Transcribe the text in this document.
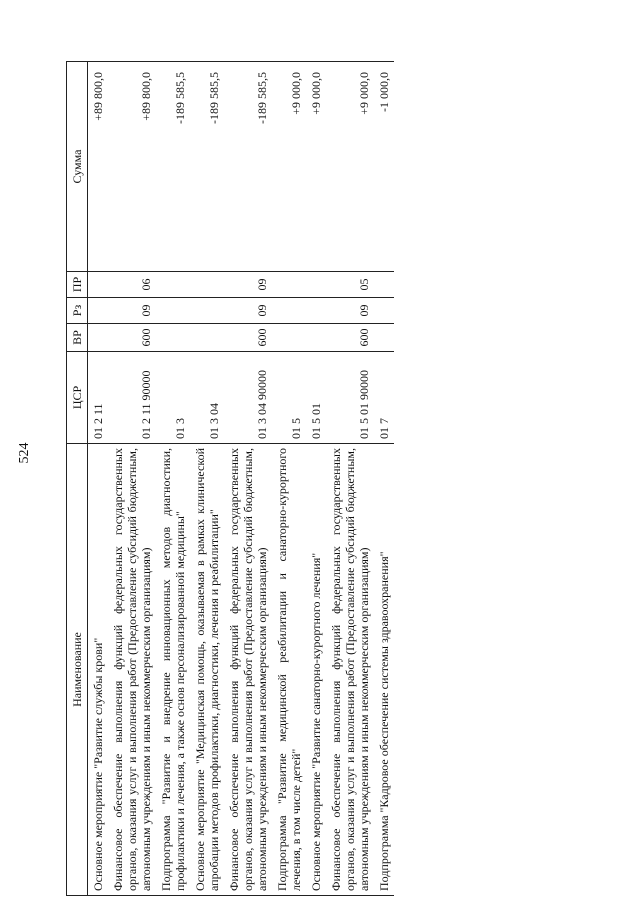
524
Наименование	ЦСР	ВР	Рз	ПР	Сумма
Основное мероприятие "Развитие службы крови"	01 2 11				+89 800,0
Финансовое обеспечение выполнения функций федеральных государственных органов, оказания услуг и выполнения работ (Предоставление субсидий бюджетным, автономным учреждениям и иным некоммерческим организациям)	01 2 11 90000	600	09	06	+89 800,0
Подпрограмма "Развитие и внедрение инновационных методов диагностики, профилактики и лечения, а также основ персонализированной медицины"	01 3				-189 585,5
Основное мероприятие "Медицинская помощь, оказываемая в рамках клинической апробации методов профилактики, диагностики, лечения и реабилитации"	01 3 04				-189 585,5
Финансовое обеспечение выполнения функций федеральных государственных органов, оказания услуг и выполнения работ (Предоставление субсидий бюджетным, автономным учреждениям и иным некоммерческим организациям)	01 3 04 90000	600	09	09	-189 585,5
Подпрограмма "Развитие медицинской реабилитации и санаторно-курортного лечения, в том числе детей"	01 5				+9 000,0
Основное мероприятие "Развитие санаторно-курортного лечения"	01 5 01				+9 000,0
Финансовое обеспечение выполнения функций федеральных государственных органов, оказания услуг и выполнения работ (Предоставление субсидий бюджетным, автономным учреждениям и иным некоммерческим организациям)	01 5 01 90000	600	09	05	+9 000,0
Подпрограмма "Кадровое обеспечение системы здравоохранения"	01 7				-1 000,0
